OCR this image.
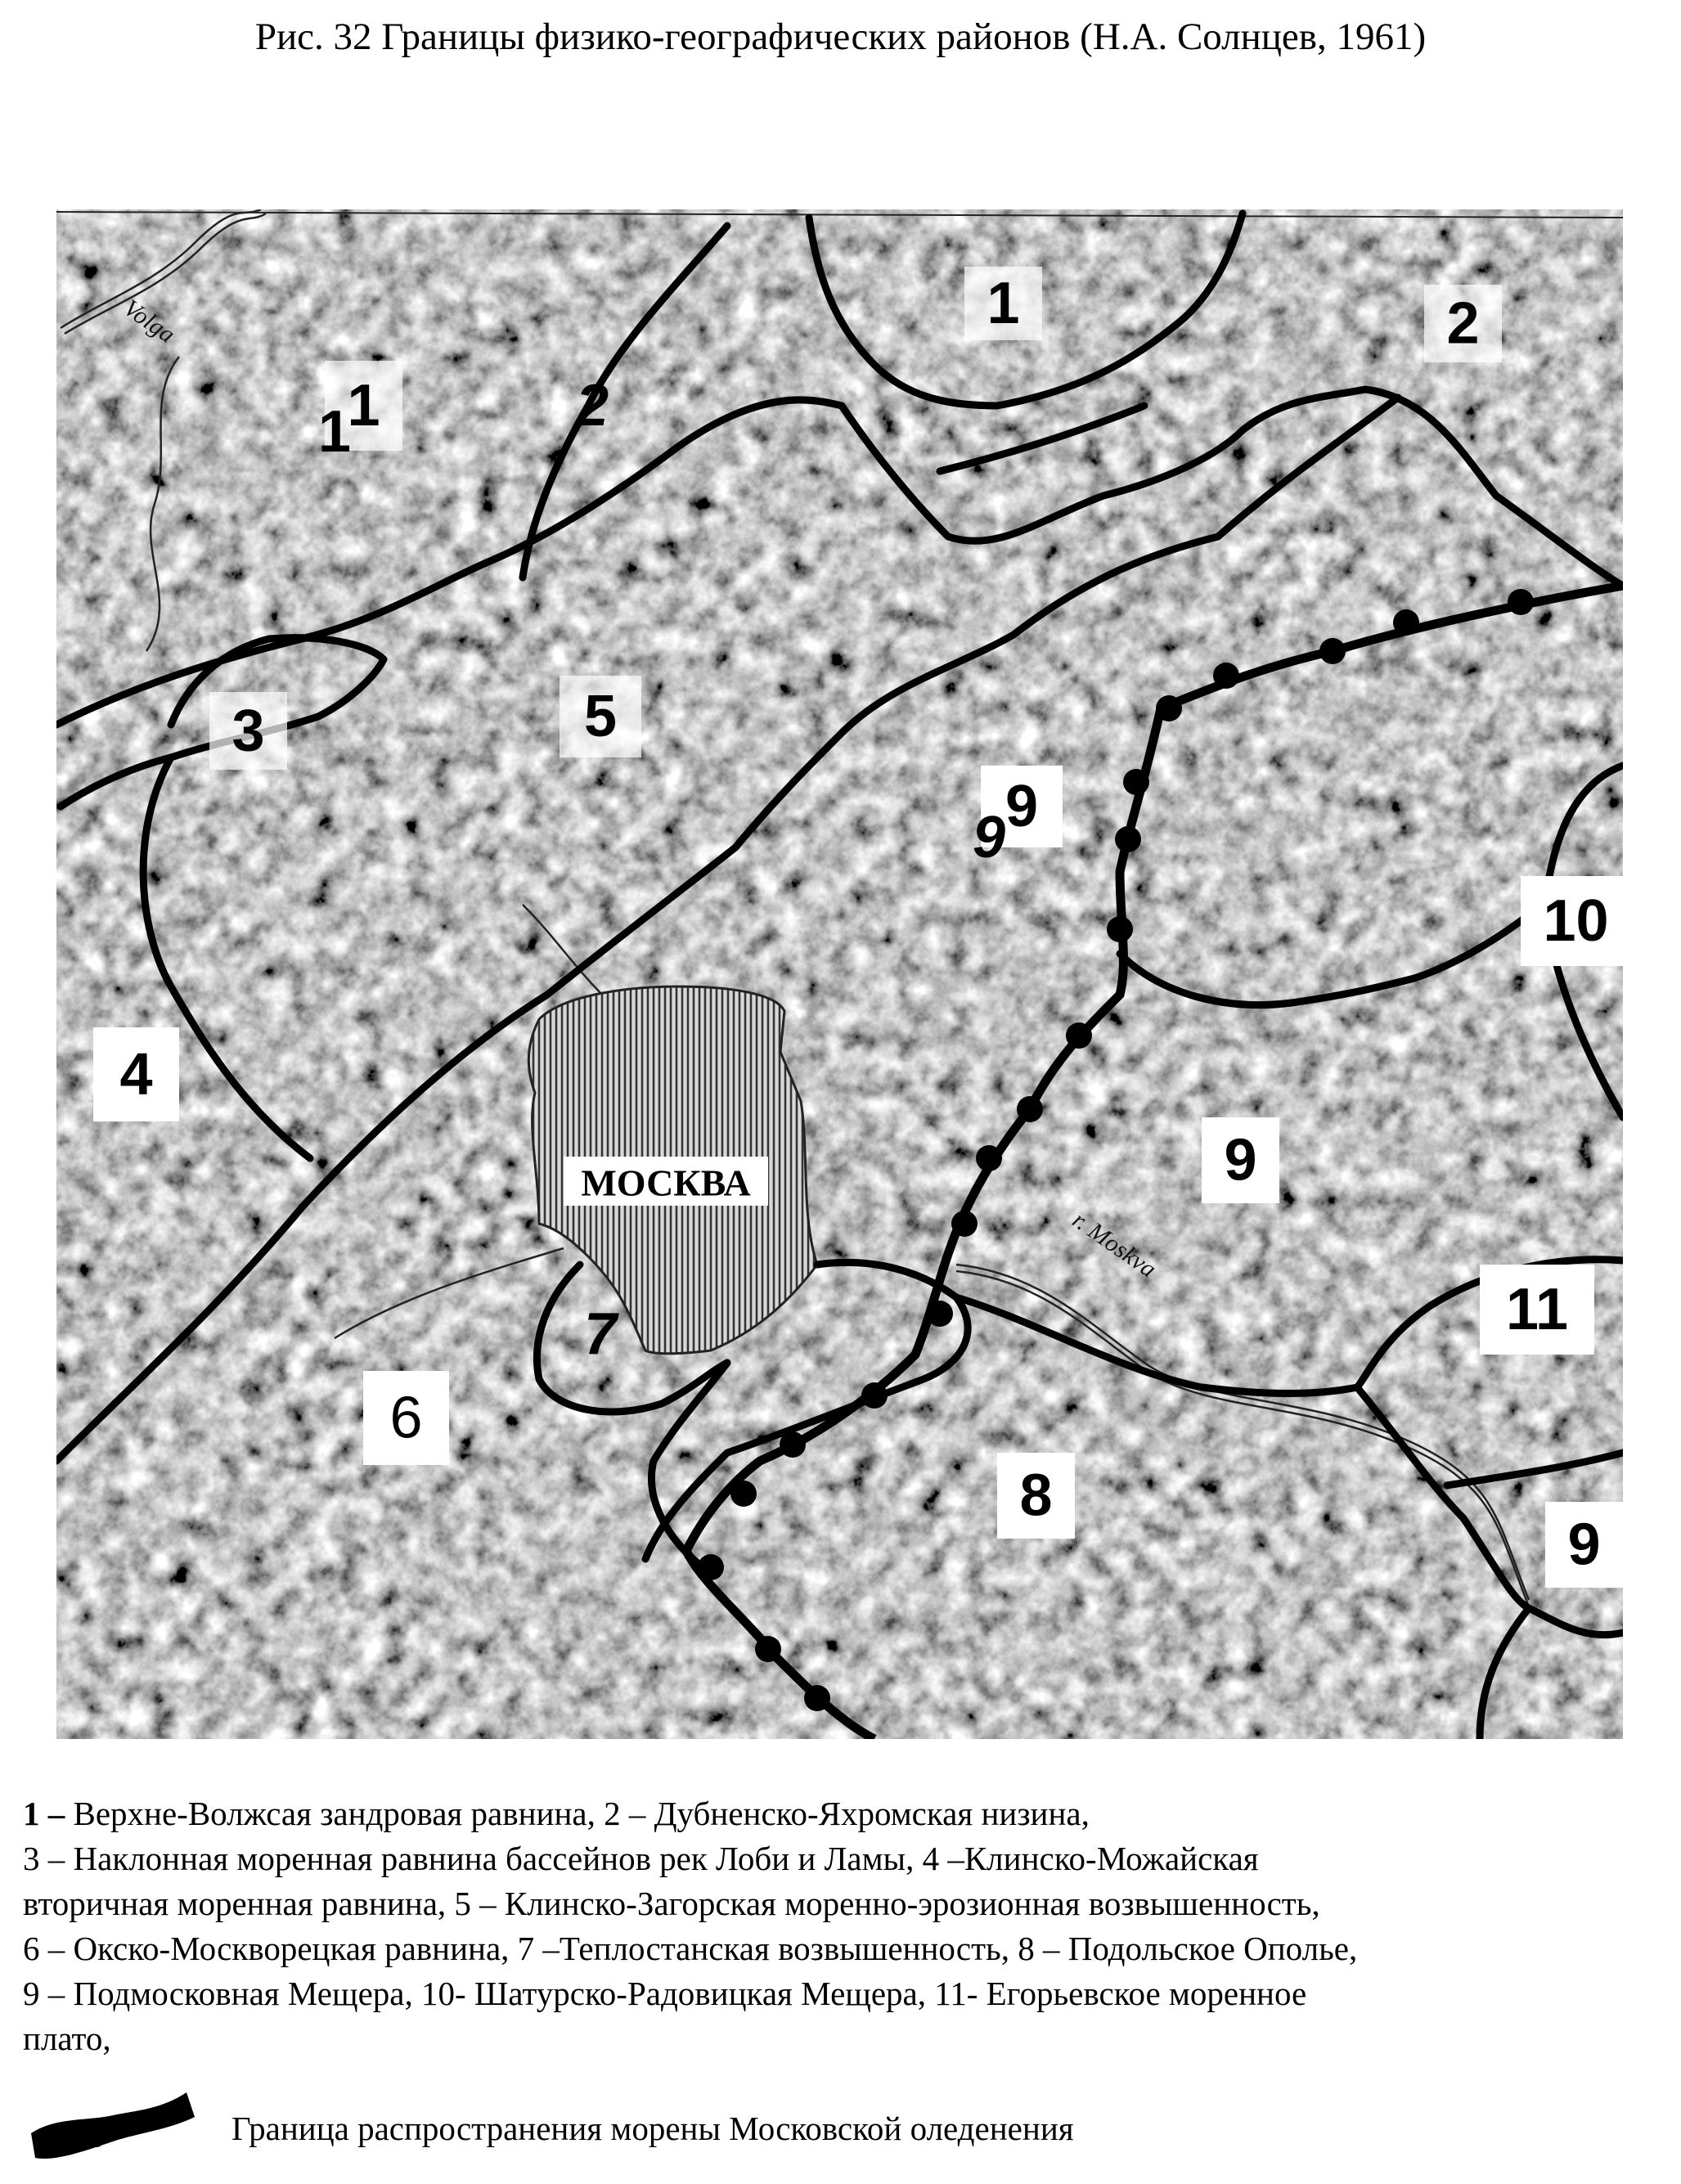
Рис. 32 Границы физико-географических районов (Н.А. Солнцев, 1961)
МОСКВА
Volga
r. Moskva
1
1
1
2
2
3	5
9
9
10
4
9
11
6
7
8
9

1 – Верхне-Волжсая зандровая равнина, 2 – Дубненско-Яхромская низина,

3 – Наклонная моренная равнина бассейнов рек Лоби и Ламы, 4 –Клинско-Можайская

вторичная моренная равнина, 5 – Клинско-Загорская моренно-эрозионная возвышенность,

6 – Окско-Москворецкая равнина, 7 –Теплостанская возвышенность, 8 – Подольское Ополье,

9 – Подмосковная Мещера, 10- Шатурско-Радовицкая Мещера, 11- Егорьевское моренное

плато,

Граница распространения морены Московской оледенения
